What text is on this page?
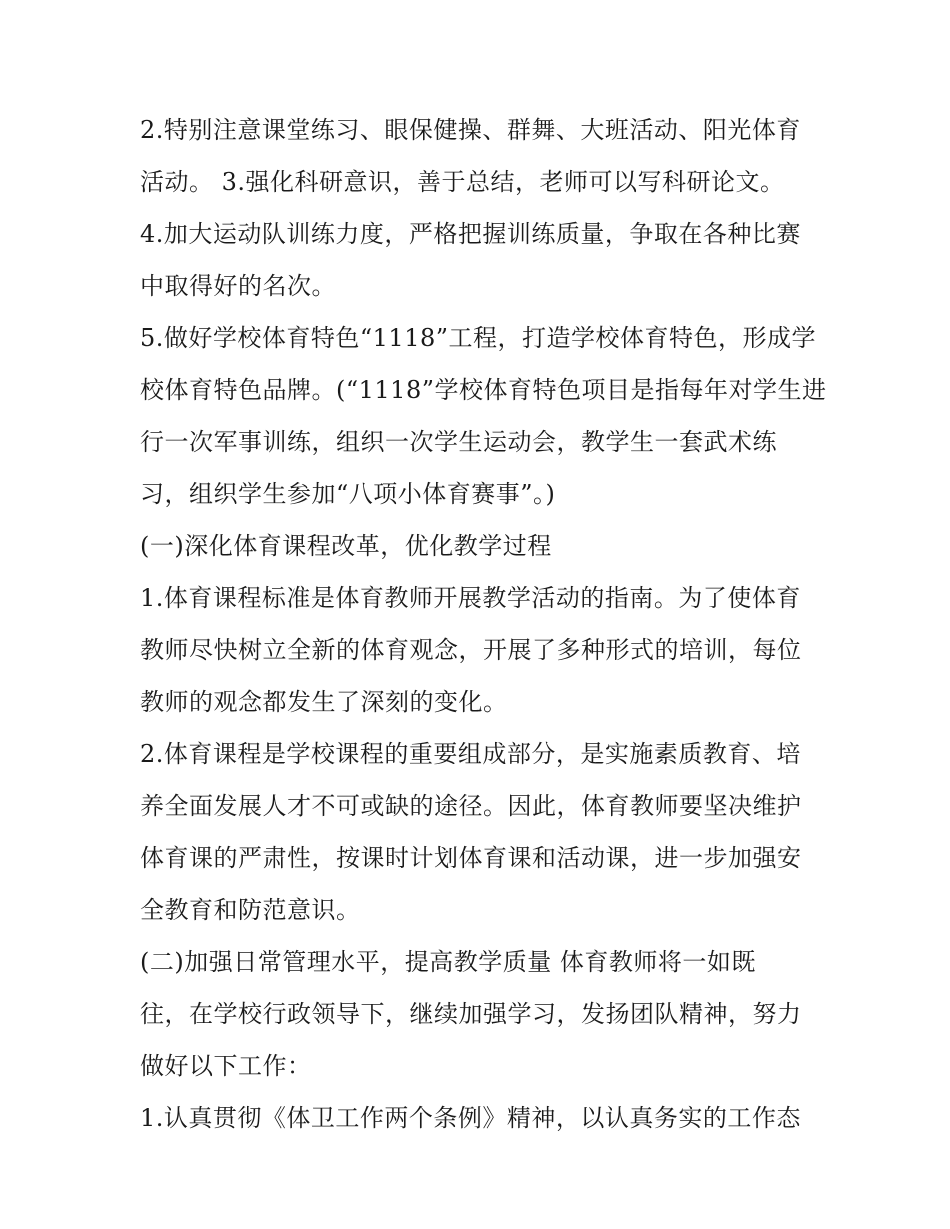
2.特别注意课堂练习、眼保健操、群舞、大班活动、阳光体育
活动。 3.强化科研意识，善于总结，老师可以写科研论文。
4.加大运动队训练力度，严格把握训练质量，争取在各种比赛
中取得好的名次。
5.做好学校体育特色“1118”工程，打造学校体育特色，形成学
校体育特色品牌。(“1118”学校体育特色项目是指每年对学生进
行一次军事训练，组织一次学生运动会，教学生一套武术练
习，组织学生参加“八项小体育赛事”。)
(一)深化体育课程改革，优化教学过程
1.体育课程标准是体育教师开展教学活动的指南。为了使体育
教师尽快树立全新的体育观念，开展了多种形式的培训，每位
教师的观念都发生了深刻的变化。
2.体育课程是学校课程的重要组成部分，是实施素质教育、培
养全面发展人才不可或缺的途径。因此，体育教师要坚决维护
体育课的严肃性，按课时计划体育课和活动课，进一步加强安
全教育和防范意识。
(二)加强日常管理水平，提高教学质量 体育教师将一如既
往，在学校行政领导下，继续加强学习，发扬团队精神，努力
做好以下工作：
1.认真贯彻《体卫工作两个条例》精神，以认真务实的工作态
